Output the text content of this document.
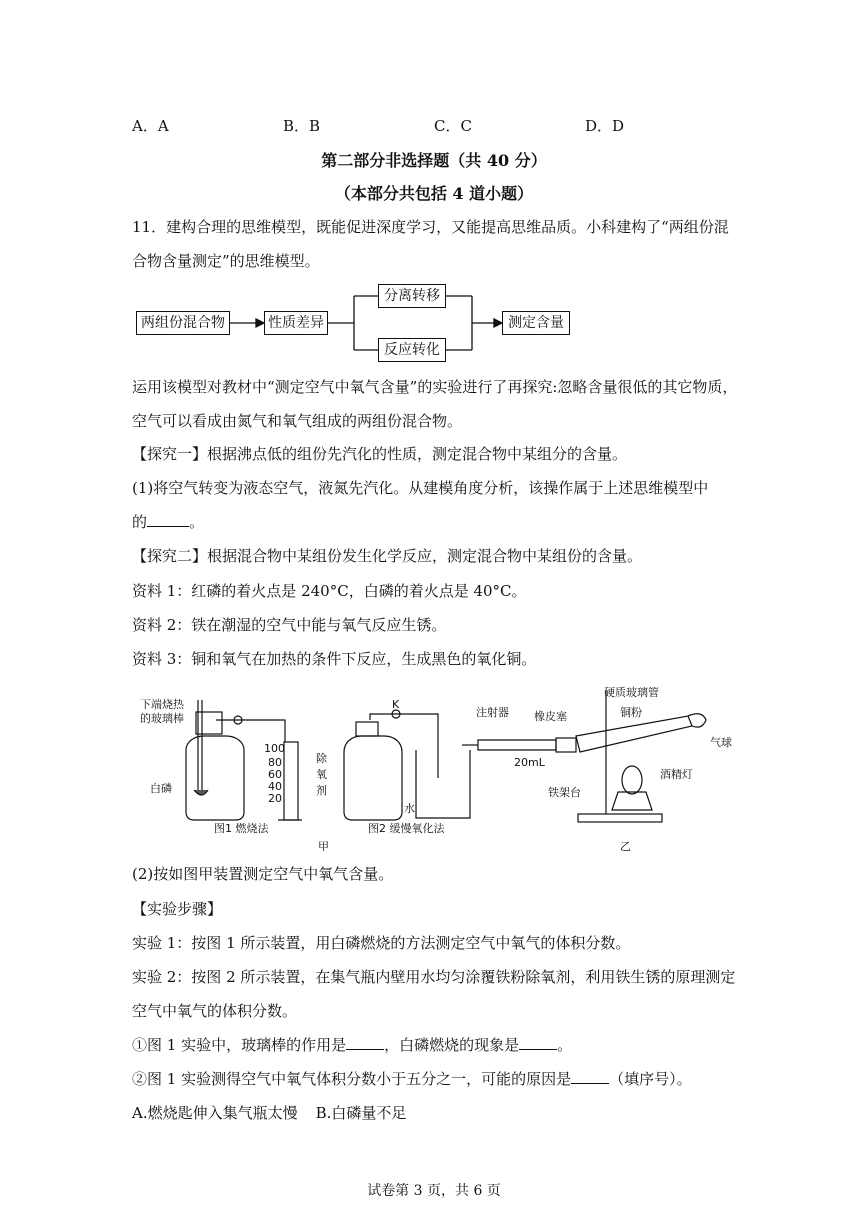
A．A	B．B	C．C	D．D
第二部分非选择题（共 40 分）
（本部分共包括 4 道小题）
11．建构合理的思维模型，既能促进深度学习，又能提高思维品质。小科建构了“两组份混
合物含量测定”的思维模型。
两组份混合物	性质差异
分离转移
反应转化
测定含量
运用该模型对教材中“测定空气中氧气含量”的实验进行了再探究:忽略含量很低的其它物质，
空气可以看成由氮气和氧气组成的两组份混合物。
【探究一】根据沸点低的组份先汽化的性质，测定混合物中某组分的含量。
(1)将空气转变为液态空气，液氮先汽化。从建模角度分析，该操作属于上述思维模型中
的	。
【探究二】根据混合物中某组份发生化学反应，测定混合物中某组份的含量。
资料 1：红磷的着火点是 240°C，白磷的着火点是 40°C。
资料 2：铁在潮湿的空气中能与氧气反应生锈。
资料 3：铜和氧气在加热的条件下反应，生成黑色的氧化铜。
下端烧热
的玻璃棒
白磷
100
80
60
40
20
图1 燃烧法
K
除
氧
剂
水
图2 缓慢氧化法
甲
注射器 橡皮塞
硬质玻璃管
铜粉
气球
20mL
酒精灯
铁架台
乙
(2)按如图甲装置测定空气中氧气含量。
【实验步骤】
实验 1：按图 1 所示装置，用白磷燃烧的方法测定空气中氧气的体积分数。
实验 2：按图 2 所示装置，在集气瓶内壁用水均匀涂覆铁粉除氧剂，利用铁生锈的原理测定
空气中氧气的体积分数。
①图 1 实验中，玻璃棒的作用是	，白磷燃烧的现象是	。
②图 1 实验测得空气中氧气体积分数小于五分之一，可能的原因是	（填序号）。
A.燃烧匙伸入集气瓶太慢 B.白磷量不足
试卷第 3 页，共 6 页
